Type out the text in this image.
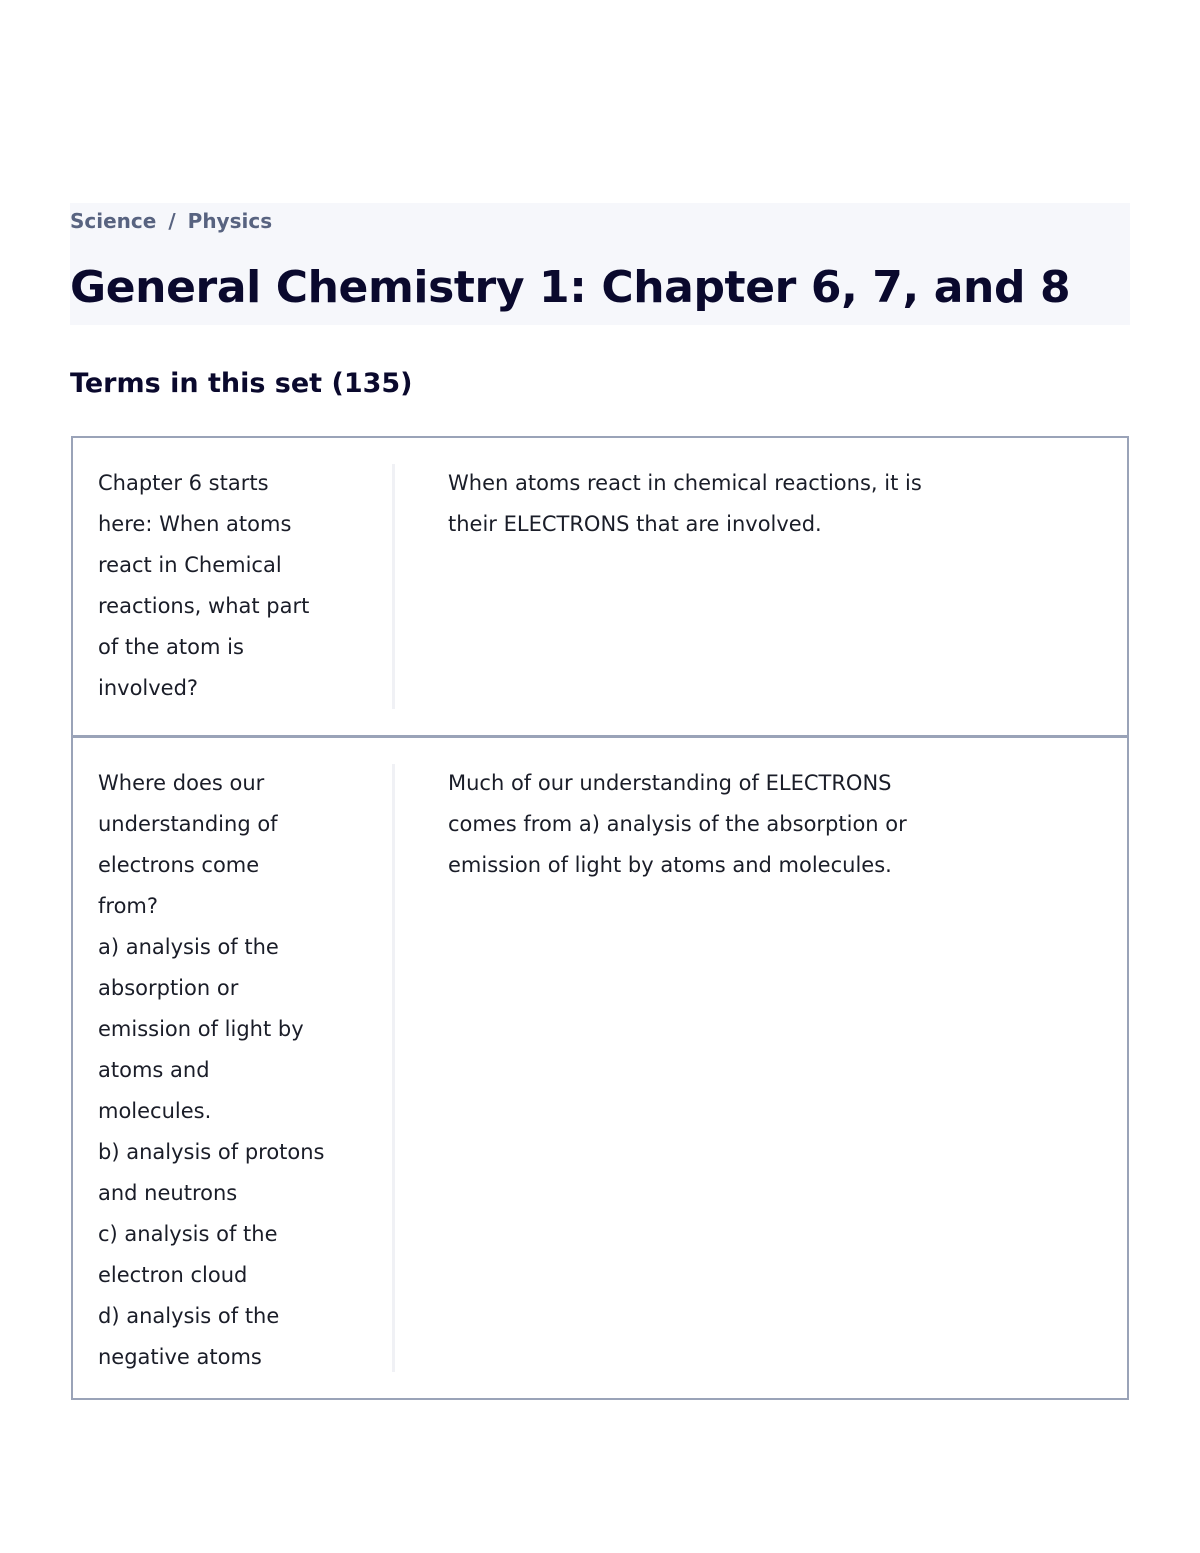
Science / Physics
General Chemistry 1: Chapter 6, 7, and 8
Terms in this set (135)
Chapter 6 starts
here: When atoms
react in Chemical
reactions, what part
of the atom is
involved?
When atoms react in chemical reactions, it is
their ELECTRONS that are involved.
Where does our
understanding of
electrons come
from?
a) analysis of the
absorption or
emission of light by
atoms and
molecules.
b) analysis of protons
and neutrons
c) analysis of the
electron cloud
d) analysis of the
negative atoms
Much of our understanding of ELECTRONS
comes from a) analysis of the absorption or
emission of light by atoms and molecules.
